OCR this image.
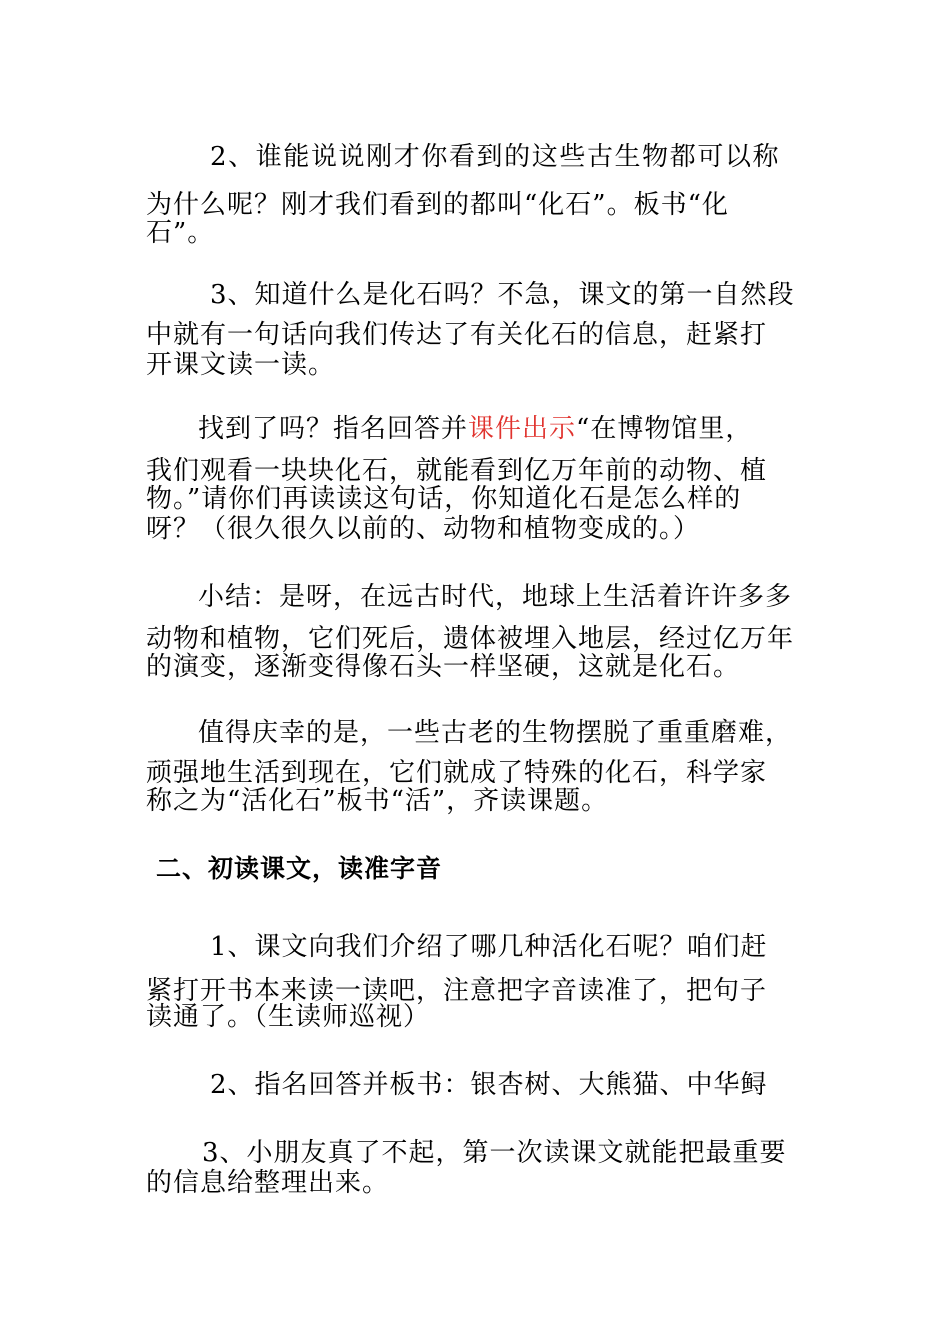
2、谁能说说刚才你看到的这些古生物都可以称
为什么呢？刚才我们看到的都叫“化石”。板书“化
石”。
3、知道什么是化石吗？不急，课文的第一自然段
中就有一句话向我们传达了有关化石的信息，赶紧打
开课文读一读。
找到了吗？指名回答并课件出示“在博物馆里，
我们观看一块块化石，就能看到亿万年前的动物、植
物。”请你们再读读这句话，你知道化石是怎么样的
呀？（很久很久以前的、动物和植物变成的。）
小结：是呀，在远古时代，地球上生活着许许多多
动物和植物，它们死后，遗体被埋入地层，经过亿万年
的演变，逐渐变得像石头一样坚硬，这就是化石。
值得庆幸的是，一些古老的生物摆脱了重重磨难，
顽强地生活到现在，它们就成了特殊的化石，科学家
称之为“活化石”板书“活”，齐读课题。
二、初读课文，读准字音
1、课文向我们介绍了哪几种活化石呢？咱们赶
紧打开书本来读一读吧，注意把字音读准了，把句子
读通了。（生读师巡视）
2、指名回答并板书：银杏树、大熊猫、中华鲟
3、小朋友真了不起，第一次读课文就能把最重要
的信息给整理出来。
